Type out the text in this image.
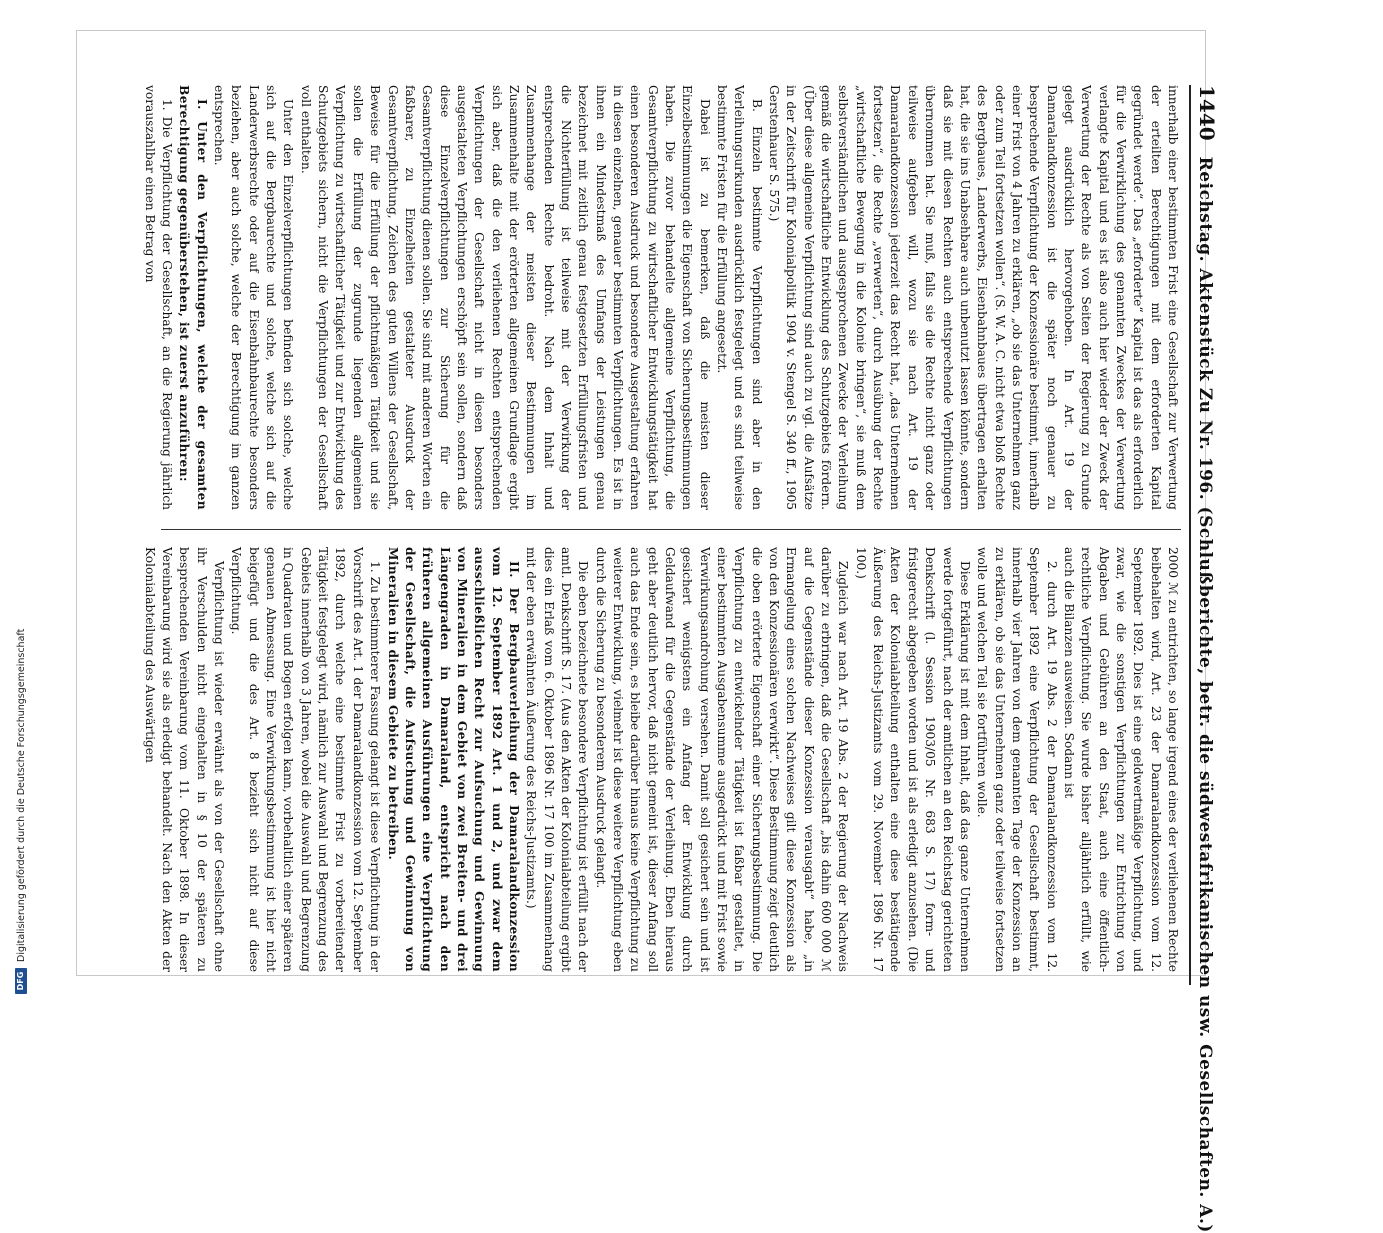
1440
Reichstag. Aktenstück Zu Nr. 196. (Schlußberichte, betr. die südwestafrikanischen usw. Gesellschaften. A.)

innerhalb einer bestimmten Frist eine Gesellschaft zur Verwertung der erteilten Berechtigungen mit dem erforderten Kapital gegründet werde“. Das „erforderte“ Kapital ist das als erforderlich für die Verwirklichung des genannten Zweckes der Verwertung verlangte Kapital und es ist also auch hier wieder der Zweck der Verwertung der Rechte als von Seiten der Regierung zu Grunde gelegt ausdrücklich hervorgehoben. In Art. 19 der Damaralandkonzession ist die später noch genauer zu besprechende Verpflichtung der Konzessionäre bestimmt, innerhalb einer Frist von 4 Jahren zu erklären, „ob sie das Unternehmen ganz oder zum Teil fortsetzen wollen“. (S. W. A. C. nicht etwa bloß Rechte des Bergbaues, Landerwerbs, Eisenbahnbaues übertragen erhalten hat, die sie ins Unabsehbare auch unbenutzt lassen könnte, sondern daß sie mit diesen Rechten auch entsprechende Verpflichtungen übernommen hat. Sie muß, falls sie die Rechte nicht ganz oder teilweise aufgeben will, wozu sie nach Art. 19 der Damaralandkonzession jederzeit das Recht hat, „das Unternehmen fortsetzen“, die Rechte „verwerten“, durch Ausübung der Rechte „wirtschaftliche Bewegung in die Kolonie bringen“, sie muß dem selbstverständlichen und ausgesprochenen Zwecke der Verleihung gemäß die wirtschaftliche Entwicklung des Schutzgebiets fördern. (Über diese allgemeine Verpflichtung sind auch zu vgl. die Aufsätze in der Zeitschrift für Kolonialpolitik 1904 v. Stengel S. 340 ff., 1905 Gerstenhauer S. 575.)

B. Einzeln bestimmte Verpflichtungen sind aber in den Verleihungsurkunden ausdrücklich festgelegt und es sind teilweise bestimmte Fristen für die Erfüllung angesetzt.

Dabei ist zu bemerken, daß die meisten dieser Einzelbestimmungen die Eigenschaft von Sicherungsbestimmungen haben. Die zuvor behandelte allgemeine Verpflichtung, die Gesamtverpflichtung zu wirtschaftlicher Entwicklungstätigkeit hat einen besonderen Ausdruck und besondere Ausgestaltung erfahren in diesen einzelnen, genauer bestimmten Verpflichtungen. Es ist in ihnen ein Mindestmaß des Umfangs der Leistungen genau bezeichnet mit zeitlich genau festgesetzten Erfüllungsfristen und die Nichterfüllung ist teilweise mit der Verwirkung der entsprechenden Rechte bedroht. Nach dem Inhalt und Zusammenhange der meisten dieser Bestimmungen im Zusammenhalte mit der erörterten allgemeinen Grundlage ergibt sich aber, daß die den verliehenen Rechten entsprechenden Verpflichtungen der Gesellschaft nicht in diesen besonders ausgestalteten Verpflichtungen erschöpft sein sollen, sondern daß diese Einzelverpflichtungen zur Sicherung für die Gesamtverpflichtung dienen sollen. Sie sind mit anderen Worten ein faßbarer, zu Einzelheiten gestalteter Ausdruck der Gesamtverpflichtung, Zeichen des guten Willens der Gesellschaft, Beweise für die Erfüllung der pflichtmäßigen Tätigkeit und sie sollen die Erfüllung der zugrunde liegenden allgemeinen Verpflichtung zu wirtschaftlicher Tätigkeit und zur Entwicklung des Schutzgebiets sichern, nicht die Verpflichtungen der Gesellschaft voll enthalten.

Unter den Einzelverpflichtungen befinden sich solche, welche sich auf die Bergbaurechte und solche, welche sich auf die Landerwerbsrechte oder auf die Eisenbahnbaurechte besonders beziehen, aber auch solche, welche der Berechtigung im ganzen entsprechen.

I. Unter den Verpflichtungen, welche der gesamten Berechtigung gegenüberstehen, ist zuerst anzuführen:

1. Die Verpflichtung der Gesellschaft, an die Regierung jährlich vorauszahlbar einen Betrag von

2000 ℳ zu entrichten, so lange irgend eines der verliehenen Rechte beibehalten wird, Art. 23 der Damaralandkonzession vom 12. September 1892. Dies ist eine geldwertmäßige Verpflichtung, und zwar, wie die sonstigen Verpflichtungen zur Entrichtung von Abgaben und Gebühren an den Staat, auch eine öffentlich-rechtliche Verpflichtung. Sie wurde bisher alljährlich erfüllt, wie auch die Bilanzen ausweisen. Sodann ist

2. durch Art. 19 Abs. 2 der Damaralandkonzession vom 12. September 1892 eine Verpflichtung der Gesellschaft bestimmt, innerhalb vier Jahren von dem genannten Tage der Konzession an zu erklären, ob sie das Unternehmen ganz oder teilweise fortsetzen wolle und welchen Teil sie fortführen wolle.

Diese Erklärung ist mit dem Inhalt, daß das ganze Unternehmen werde fortgeführt, nach der amtlichen an den Reichstag gerichteten Denkschrift (l. Session 1903/05 Nr. 683 S. 17) form- und fristgerecht abgegeben worden und ist als erledigt anzusehen. (Die Akten der Kolonialabteilung enthalten eine diese bestätigende Äußerung des Reichs-Justizamts vom 29. November 1896 Nr. 17 100.)

Zugleich war nach Art. 19 Abs. 2 der Regierung der Nachweis darüber zu erbringen, daß die Gesellschaft „bis dahin 600 000 ℳ auf die Gegenstände dieser Konzession verausgabt“ habe, „in Ermangelung eines solchen Nachweises gilt diese Konzession als von den Konzessionären verwirkt“. Diese Bestimmung zeigt deutlich die oben erörterte Eigenschaft einer Sicherungsbestimmung. Die Verpflichtung zu entwickelnder Tätigkeit ist faßbar gestaltet, in einer bestimmten Ausgabensumme ausgedrückt und mit Frist sowie Verwirkungsandrohung versehen. Damit soll gesichert sein und ist gesichert wenigstens ein Anfang der Entwicklung durch Geldaufwand für die Gegenstände der Verleihung. Eben hieraus geht aber deutlich hervor, daß nicht gemeint ist, dieser Anfang soll auch das Ende sein, es bleibe darüber hinaus keine Verpflichtung zu weiterer Entwicklung, vielmehr ist diese weitere Verpflichtung eben durch die Sicherung zu besonderem Ausdruck gelangt.

Die eben bezeichnete besondere Verpflichtung ist erfüllt nach der amtl. Denkschrift S. 17. (Aus den Akten der Kolonialabteilung ergibt dies ein Erlaß vom 6. Oktober 1896 Nr. 17 100 im Zusammenhang mit der eben erwähnten Äußerung des Reichs-Justizamts.)

II. Der Bergbauverleihung der Damaralandkonzession vom 12. September 1892 Art. 1 und 2, und zwar dem ausschließlichen Recht zur Aufsuchung und Gewinnung von Mineralien in dem Gebiet von zwei Breiten- und drei Längengraden in Damaraland, entspricht nach den früheren allgemeinen Ausführungen eine Verpflichtung der Gesellschaft, die Aufsuchung und Gewinnung von Mineralien in diesem Gebiete zu betreiben.

1. Zu bestimmterer Fassung gelangt ist diese Verpflichtung in der Vorschrift des Art. 1 der Damaralandkonzession vom 12. September 1892, durch welche eine bestimmte Frist zu vorbereitender Tätigkeit festgelegt wird, nämlich zur Auswahl und Begrenzung des Gebiets innerhalb von 3 Jahren, wobei die Auswahl und Begrenzung in Quadraten und Bogen erfolgen kann, vorbehaltlich einer späteren genauen Abmessung. Eine Verwirkungsbestimmung ist hier nicht beigefügt und die des Art. 8 bezieht sich nicht auf diese Verpflichtung.

Verpflichtung ist wieder erwähnt als von der Gesellschaft ohne ihr Verschulden nicht eingehalten in § 10 der späteren zu besprechenden Vereinbarung vom 11. Oktober 1898. In dieser Vereinbarung wird sie als erledigt behandelt. Nach den Akten der Kolonialabteilung des Auswärtigen

DFG
Digitalisierung gefördert durch die Deutsche Forschungsgemeinschaft
